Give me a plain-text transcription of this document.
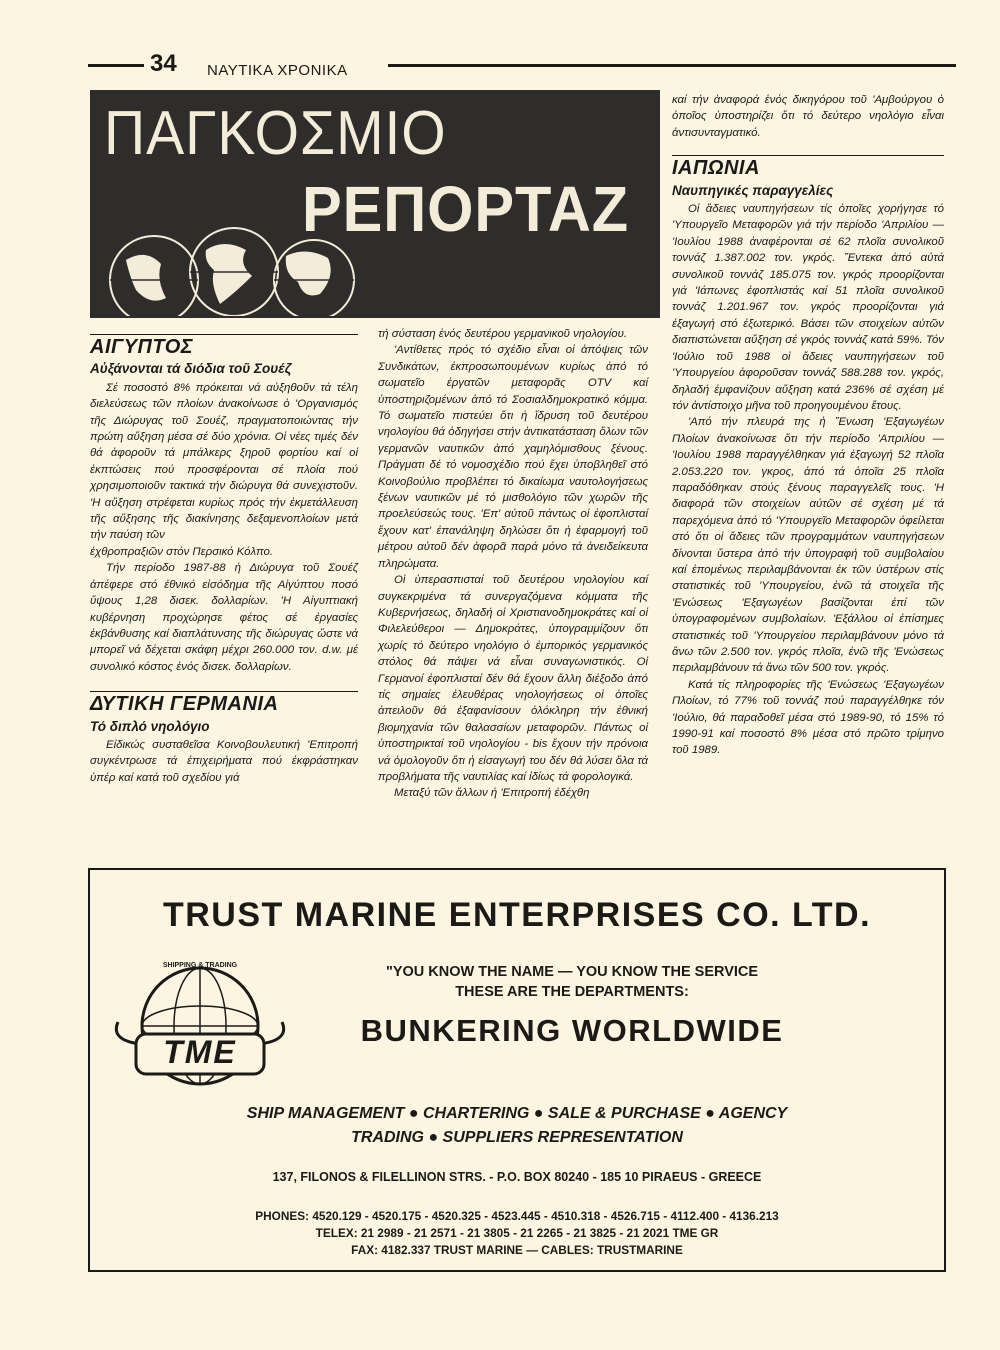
34 ΝΑΥΤΙΚΑ ΧΡΟΝΙΚΑ
ΠΑΓΚΟΣΜΙΟ
ΡΕΠΟΡΤΑΖ
ΑΙΓΥΠΤΟΣ
Αὐξάνονται τά διόδια τοῦ Σουέζ

Σέ ποσοστό 8% πρόκειται νά αὐξηθοῦν τά τέλη διελεύσεως τῶν πλοίων ἀνακοίνωσε ὁ 'Οργανισμός τῆς Διώρυγας τοῦ Σουέζ, πραγματοποιώντας τήν πρώτη αὔξηση μέσα σέ δύο χρόνια. Οἱ νέες τιμές δέν θά ἀφοροῦν τά μπάλκερς ξηροῦ φορτίου καί οἱ ἐκπτώσεις πού προσφέρονται σέ πλοία πού χρησιμοποιοῦν τακτικά τήν διώρυγα θά συνεχιστοῦν. 'Η αὔξηση στρέφεται κυρίως πρός τήν ἐκμετάλλευση τῆς αὔξησης τῆς διακίνησης δεξαμενοπλοίων μετά τήν παύση τῶν

ἐχθροπραξιῶν στόν Περσικό Κόλπο.

Τήν περίοδο 1987-88 ἡ Διώρυγα τοῦ Σουέζ ἀπέφερε στό ἐθνικό εἰσόδημα τῆς Αἰγύπτου ποσό ὕψους 1,28 δισεκ. δολλαρίων. 'Η Αἰγυπτιακή κυβέρνηση προχώρησε φέτος σέ ἐργασίες ἐκβάνθυσης καί διαπλάτυνσης τῆς διώρυγας ὥστε νά μπορεῖ νά δέχεται σκάφη μέχρι 260.000 τον. d.w. μέ συνολικό κόστος ἑνός δισεκ. δολλαρίων.

ΔΥΤΙΚΗ ΓΕΡΜΑΝΙΑ
Τό διπλό νηολόγιο

Εἰδικώς συσταθεῖσα Κοινοβουλευτική 'Επιτροπή συγκέντρωσε τά ἐπιχειρήματα πού ἐκφράστηκαν ὑπέρ καί κατά τοῦ σχεδίου γιά

τή σύσταση ἑνός δευτέρου γερμανικοῦ νηολογίου.

'Αντίθετες πρός τό σχέδιο εἶναι οἱ ἀπόψεις τῶν Συνδικάτων, ἐκπροσωπουμένων κυρίως ἀπό τό σωματεῖο ἐργατῶν μεταφορᾶς OTV καί ὑποστηριζομένων ἀπό τό Σοσιαλδημοκρατικό κόμμα. Τό σωματεῖο πιστεύει ὅτι ἡ ἵδρυση τοῦ δευτέρου νηολογίου θά ὁδηγήσει στήν ἀντικατάσταση ὅλων τῶν γερμανῶν ναυτικῶν ἀπό χαμηλόμισθους ξένους. Πράγματι δέ τό νομοσχέδιο πού ἔχει ὑποβληθεῖ στό Κοινοβούλιο προβλέπει τό δικαίωμα ναυτολογήσεως ξένων ναυτικῶν μέ τό μισθολόγιο τῶν χωρῶν τῆς προελεύσεώς τους. 'Επ' αὐτοῦ πάντως οἱ ἐφοπλισταί ἔχουν κατ' ἐπανάληψη δηλώσει ὅτι ἡ ἐφαρμογή τοῦ μέτρου αὐτοῦ δέν ἀφορᾶ παρά μόνο τά ἀνειδείκευτα πληρώματα.

Οἱ ὑπερασπισταί τοῦ δευτέρου νηολογίου καί συγκεκριμένα τά συνεργαζόμενα κόμματα τῆς Κυβερνήσεως, δηλαδή οἱ Χριστιανοδημοκράτες καί οἱ Φιλελεύθεροι — Δημοκράτες, ὑπογραμμίζουν ὅτι χωρίς τό δεύτερο νηολόγιο ὁ ἐμπορικός γερμανικός στόλος θά πάψει νά εἶναι συναγωνιστικός. Οἱ Γερμανοί ἐφοπλισταί δέν θά ἔχουν ἄλλη διέξοδο ἀπό τίς σημαίες ἐλευθέρας νηολογήσεως οἱ ὁποῖες ἀπειλοῦν θά ἐξαφανίσουν ὁλόκληρη τήν ἐθνική βιομηχανία τῶν θαλασσίων μεταφορῶν. Πάντως οἱ ὑποστηρικταί τοῦ νηολογίου - bis ἔχουν τήν πρόνοια νά ὁμολογοῦν ὅτι ἡ εἰσαγωγή του δέν θά λύσει ὅλα τά προβλήματα τῆς ναυτιλίας καί ἰδίως τά φορολογικά.

Μεταξύ τῶν ἄλλων ἡ 'Επιτροπή ἐδέχθη

καί τήν ἀναφορά ἑνός δικηγόρου τοῦ 'Αμβούργου ὁ ὁποῖος ὑποστηρίζει ὅτι τό δεύτερο νηολόγιο εἶναι ἀντισυνταγματικό.

ΙΑΠΩΝΙΑ
Ναυπηγικές παραγγελίες

Οἱ ἄδειες ναυπηγήσεων τίς ὁποῖες χορήγησε τό 'Υπουργεῖο Μεταφορῶν γιά τήν περίοδο 'Απριλίου — 'Ιουλίου 1988 ἀναφέρονται σέ 62 πλοῖα συνολικοῦ τοννάζ 1.387.002 τον. γκρός. Ἔντεκα ἀπό αὐτά συνολικοῦ τοννάζ 185.075 τον. γκρός προορίζονται γιά 'Ιάπωνες ἐφοπλιστάς καί 51 πλοῖα συνολικοῦ τοννάζ 1.201.967 τον. γκρός προορίζονται γιά ἐξαγωγή στό ἐξωτερικό. Βάσει τῶν στοιχείων αὐτῶν διαπιστώνεται αὔξηση σέ γκρός τοννάζ κατά 59%. Τόν 'Ιούλιο τοῦ 1988 οἱ ἄδειες ναυπηγήσεων τοῦ 'Υπουργείου ἀφοροῦσαν τοννάζ 588.288 τον. γκρός, δηλαδή ἐμφανίζουν αὔξηση κατά 236% σέ σχέση μέ τόν ἀντίστοιχο μῆνα τοῦ προηγουμένου ἔτους.

'Από τήν πλευρά της ἡ Ἕνωση 'Εξαγωγέων Πλοίων ἀνακοίνωσε ὅτι τήν περίοδο 'Απριλίου — 'Ιουλίου 1988 παραγγέλθηκαν γιά ἐξαγωγή 52 πλοῖα 2.053.220 τον. γκρος, ἀπό τά ὁποῖα 25 πλοῖα παραδόθηκαν στούς ξένους παραγγελεῖς τους. 'Η διαφορά τῶν στοιχείων αὐτῶν σέ σχέση μέ τά παρεχόμενα ἀπό τό 'Υπουργεῖο Μεταφορῶν ὀφείλεται στό ὅτι οἱ ἄδειες τῶν προγραμμάτων ναυπηγήσεων δίνονται ὕστερα ἀπό τήν ὑπογραφή τοῦ συμβολαίου καί ἑπομένως περιλαμβάνονται ἐκ τῶν ὑστέρων στίς στατιστικές τοῦ 'Υπουργείου, ἐνῶ τά στοιχεῖα τῆς 'Ενώσεως 'Εξαγωγέων βασίζονται ἐπί τῶν ὑπογραφομένων συμβολαίων. 'Εξάλλου οἱ ἐπίσημες στατιστικές τοῦ 'Υπουργείου περιλαμβάνουν μόνο τά ἄνω τῶν 2.500 τον. γκρός πλοῖα, ἐνῶ τῆς 'Ενώσεως περιλαμβάνουν τά ἄνω τῶν 500 τον. γκρός.

Κατά τίς πληροφορίες τῆς 'Ενώσεως 'Εξαγωγέων Πλοίων, τό 77% τοῦ τοννάζ πού παραγγέλθηκε τόν 'Ιούλιο, θά παραδοθεῖ μέσα στό 1989-90, τό 15% τό 1990-91 καί ποσοστό 8% μέσα στό πρῶτο τρίμηνο τοῦ 1989.

TRUST MARINE ENTERPRISES CO. LTD.
SHIPPING & TRADING
TME
"YOU KNOW THE NAME — YOU KNOW THE SERVICE
THESE ARE THE DEPARTMENTS:
BUNKERING WORLDWIDE
SHIP MANAGEMENT ● CHARTERING ● SALE & PURCHASE ● AGENCY
TRADING ● SUPPLIERS REPRESENTATION
137, FILONOS & FILELLINON STRS. - P.O. BOX 80240 - 185 10 PIRAEUS - GREECE
PHONES: 4520.129 - 4520.175 - 4520.325 - 4523.445 - 4510.318 - 4526.715 - 4112.400 - 4136.213
TELEX: 21 2989 - 21 2571 - 21 3805 - 21 2265 - 21 3825 - 21 2021 TME GR
FAX: 4182.337 TRUST MARINE — CABLES: TRUSTMARINE
